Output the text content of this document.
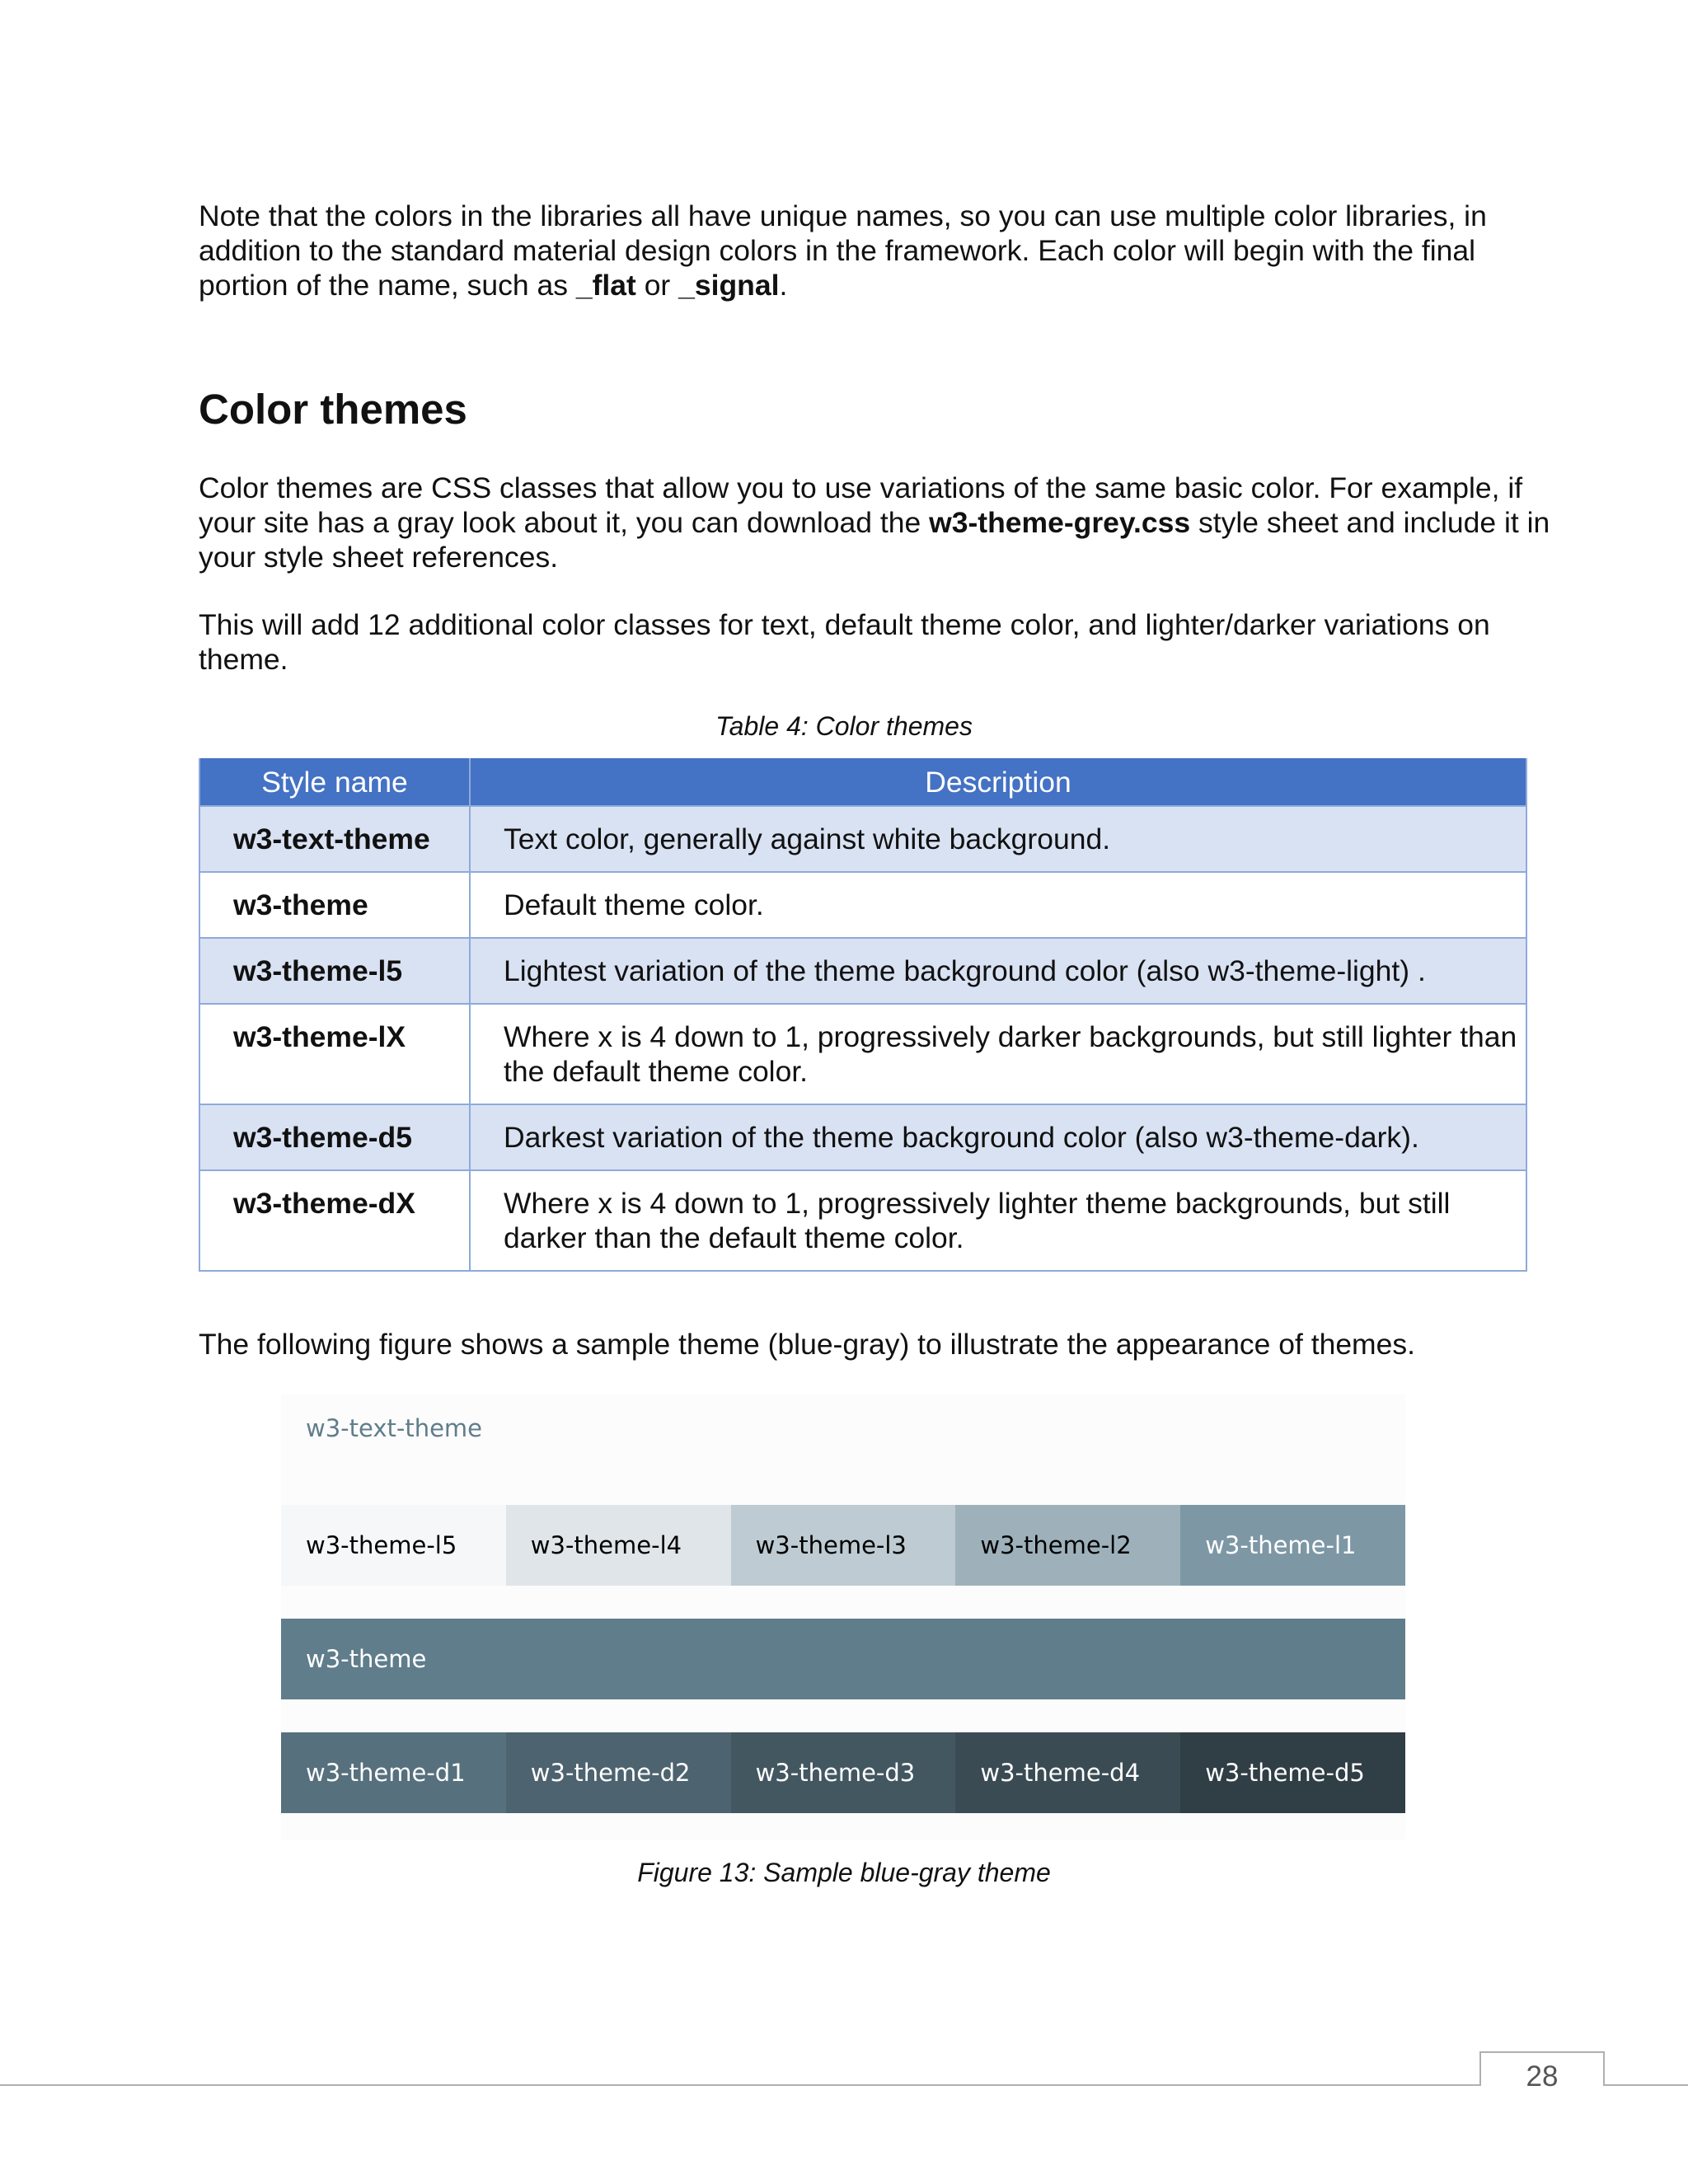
Note that the colors in the libraries all have unique names, so you can use multiple color libraries, in addition to the standard material design colors in the framework. Each color will begin with the final portion of the name, such as _flat or _signal.

Color themes

Color themes are CSS classes that allow you to use variations of the same basic color. For example, if your site has a gray look about it, you can download the w3-theme-grey.css style sheet and include it in your style sheet references.

This will add 12 additional color classes for text, default theme color, and lighter/darker variations on theme.

Table 4: Color themes
Style name	Description
w3-text-theme	Text color, generally against white background.
w3-theme	Default theme color.
w3-theme-l5	Lightest variation of the theme background color (also w3-theme-light) .
w3-theme-lX	Where x is 4 down to 1, progressively darker backgrounds, but still lighter than the default theme color.
w3-theme-d5	Darkest variation of the theme background color (also w3-theme-dark).
w3-theme-dX	Where x is 4 down to 1, progressively lighter theme backgrounds, but still darker than the default theme color.

The following figure shows a sample theme (blue-gray) to illustrate the appearance of themes.

w3-text-theme
w3-theme-l5	w3-theme-l4	w3-theme-l3	w3-theme-l2	w3-theme-l1
w3-theme
w3-theme-d1	w3-theme-d2	w3-theme-d3	w3-theme-d4	w3-theme-d5
Figure 13: Sample blue-gray theme
28
